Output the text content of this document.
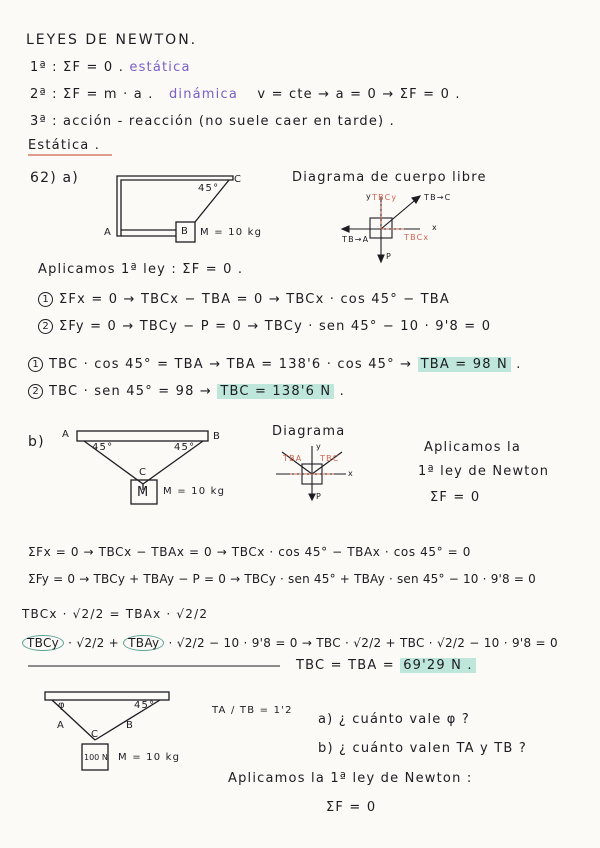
LEYES DE NEWTON.
1ª : ΣF = 0 . estática
2ª : ΣF = m · a . dinámica v = cte → a = 0 → ΣF = 0 .
3ª : acción - reacción (no suele caer en tarde) .
Estática .
62) a)
45°
C
A	B M = 10 kg
Diagrama de cuerpo libre
TBCy	TB→C
TB→A	TBCx
x
y
P
Aplicamos 1ª ley : ΣF = 0 .
1 ΣFx = 0 → TBCx − TBA = 0 → TBCx · cos 45° − TBA
2 ΣFy = 0 → TBCy − P = 0 → TBCy · sen 45° − 10 · 9'8 = 0
1 TBC · cos 45° = TBA → TBA = 138'6 · cos 45° → TBA = 98 N .
2 TBC · sen 45° = 98 → TBC = 138'6 N .
b) A	B
45°	45°
C
M M = 10 kg
Diagrama
TBA TBC
P
y
x
Aplicamos la
1ª ley de Newton
ΣF = 0
ΣFx = 0 → TBCx − TBAx = 0 → TBCx · cos 45° − TBAx · cos 45° = 0
ΣFy = 0 → TBCy + TBAy − P = 0 → TBCy · sen 45° + TBAy · sen 45° − 10 · 9'8 = 0
TBCx · √2/2 = TBAx · √2/2
TBCy · √2/2 + TBAy · √2/2 − 10 · 9'8 = 0 → TBC · √2/2 + TBC · √2/2 − 10 · 9'8 = 0
TBC = TBA = 69'29 N .
φ	45°
A	B
C
100 N M = 10 kg
TA / TB = 1'2
a) ¿ cuánto vale φ ?
b) ¿ cuánto valen TA y TB ?
Aplicamos la 1ª ley de Newton :
ΣF = 0
